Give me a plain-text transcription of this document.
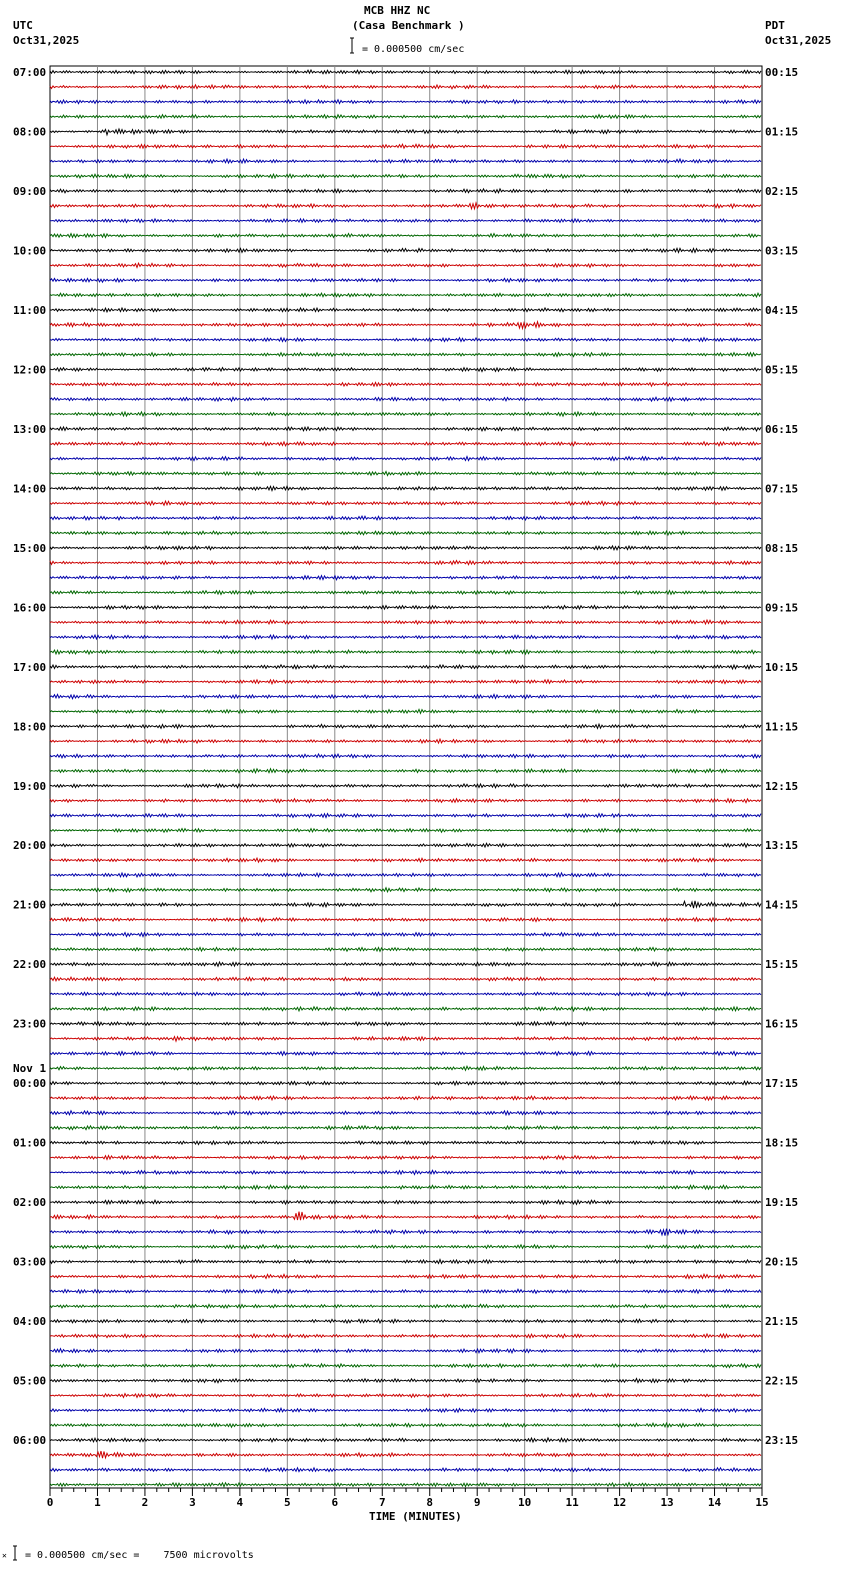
MCB HHZ NC
(Casa Benchmark )
= 0.000500 cm/sec
UTC
Oct31,2025
PDT
Oct31,2025
TIME (MINUTES)
= 0.000500 cm/sec =    7500 microvolts
✕
07:00
08:00
09:00
10:00
11:00
12:00
13:00
14:00
15:00
16:00
17:00
18:00
19:00
20:00
21:00
22:00
23:00
00:00
01:00
02:00
03:00
04:00
05:00
06:00
00:15
01:15
02:15
03:15
04:15
05:15
06:15
07:15
08:15
09:15
10:15
11:15
12:15
13:15
14:15
15:15
16:15
17:15
18:15
19:15
20:15
21:15
22:15
23:15
Nov 1
0	1	2	3	4	5	6	7	8	9	10	11	12	13	14	15
